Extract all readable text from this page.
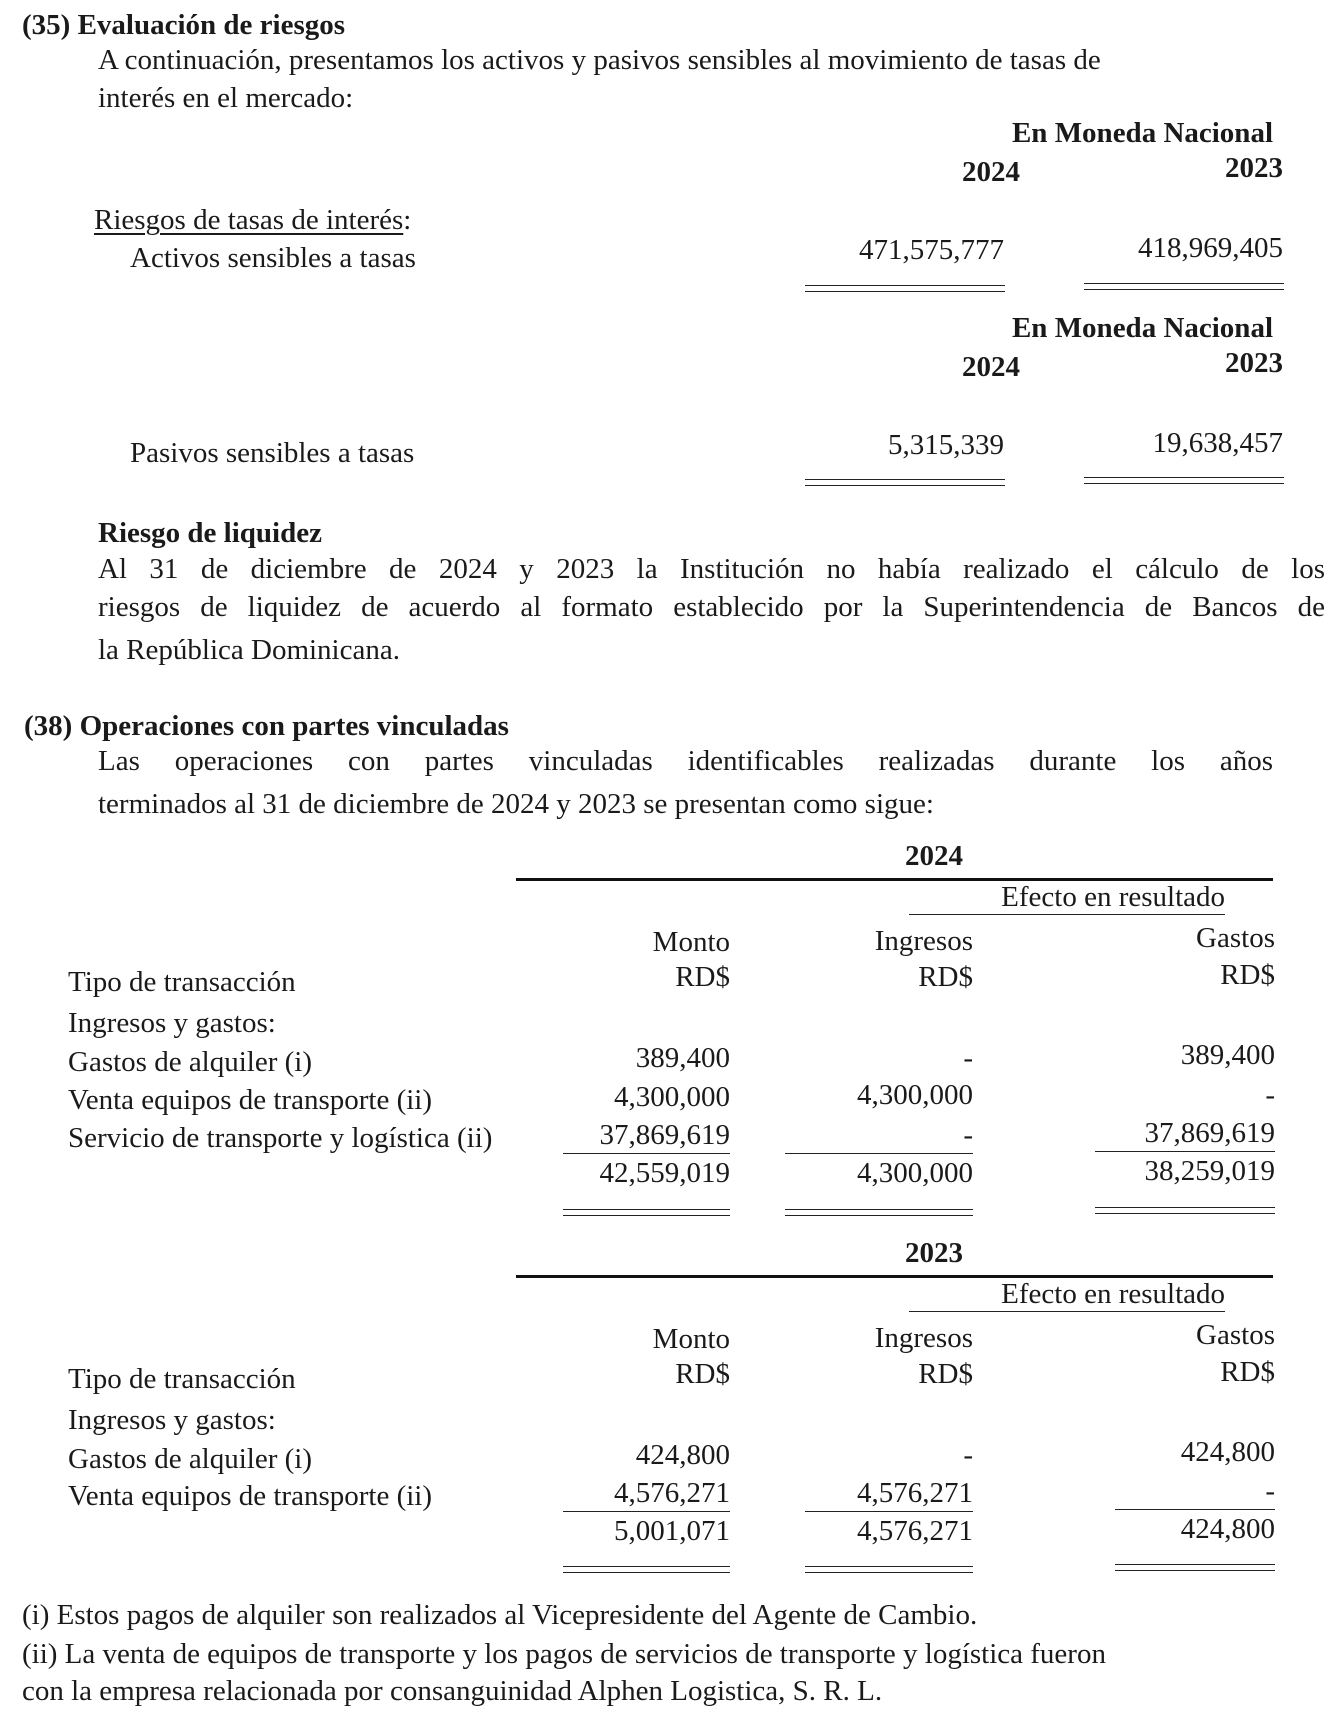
(35) Evaluación de riesgos
A continuación, presentamos los activos y pasivos sensibles al movimiento de tasas de
interés en el mercado:
En Moneda Nacional
2024	2023
Riesgos de tasas de interés:
Activos sensibles a tasas	471,575,777	418,969,405
En Moneda Nacional
2024	2023
Pasivos sensibles a tasas	5,315,339	19,638,457
Riesgo de liquidez
Al 31 de diciembre de 2024 y 2023 la Institución no había realizado el cálculo de los
riesgos de liquidez de acuerdo al formato establecido por la Superintendencia de Bancos de
la República Dominicana.
(38) Operaciones con partes vinculadas
Las operaciones con partes vinculadas identificables realizadas durante los años
terminados al 31 de diciembre de 2024 y 2023 se presentan como sigue:
2024
Efecto en resultado
Monto	Ingresos	Gastos
Tipo de transacción	RD$	RD$	RD$
Ingresos y gastos:
Gastos de alquiler (i)	389,400	-	389,400
Venta equipos de transporte (ii)	4,300,000	4,300,000	-
Servicio de transporte y logística (ii)	37,869,619	-	37,869,619
42,559,019	4,300,000	38,259,019
2023
Efecto en resultado
Monto	Ingresos	Gastos
Tipo de transacción	RD$	RD$	RD$
Ingresos y gastos:
Gastos de alquiler (i)	424,800	-	424,800
Venta equipos de transporte (ii)	4,576,271	4,576,271	-
5,001,071	4,576,271	424,800
(i) Estos pagos de alquiler son realizados al Vicepresidente del Agente de Cambio.
(ii) La venta de equipos de transporte y los pagos de servicios de transporte y logística fueron
con la empresa relacionada por consanguinidad Alphen Logistica, S. R. L.
